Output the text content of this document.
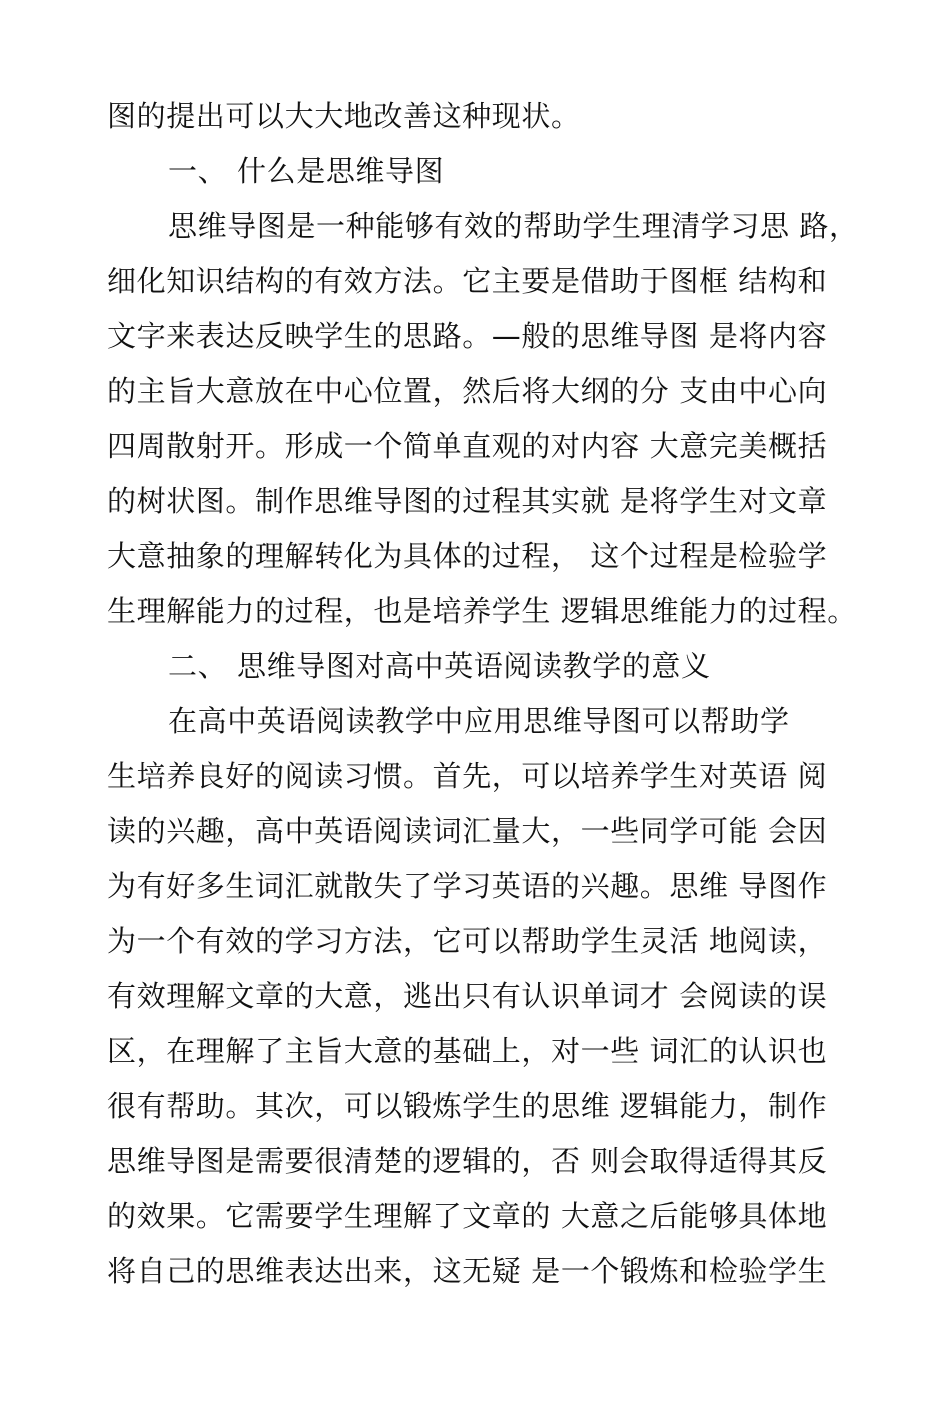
图的提出可以大大地改善这种现状。
一、 什么是思维导图
思维导图是一种能够有效的帮助学生理清学习思 路，
细化知识结构的有效方法。它主要是借助于图框 结构和
文字来表达反映学生的思路。—般的思维导图 是将内容
的主旨大意放在中心位置，然后将大纲的分 支由中心向
四周散射开。形成一个简单直观的对内容 大意完美概括
的树状图。制作思维导图的过程其实就 是将学生对文章
大意抽象的理解转化为具体的过程， 这个过程是检验学
生理解能力的过程，也是培养学生 逻辑思维能力的过程。
二、 思维导图对高中英语阅读教学的意义
在高中英语阅读教学中应用思维导图可以帮助学
生培养良好的阅读习惯。首先，可以培养学生对英语 阅
读的兴趣，高中英语阅读词汇量大，一些同学可能 会因
为有好多生词汇就散失了学习英语的兴趣。思维 导图作
为一个有效的学习方法，它可以帮助学生灵活 地阅读，
有效理解文章的大意，逃出只有认识单词才 会阅读的误
区，在理解了主旨大意的基础上，对一些 词汇的认识也
很有帮助。其次，可以锻炼学生的思维 逻辑能力，制作
思维导图是需要很清楚的逻辑的，否 则会取得适得其反
的效果。它需要学生理解了文章的 大意之后能够具体地
将自己的思维表达出来，这无疑 是一个锻炼和检验学生
